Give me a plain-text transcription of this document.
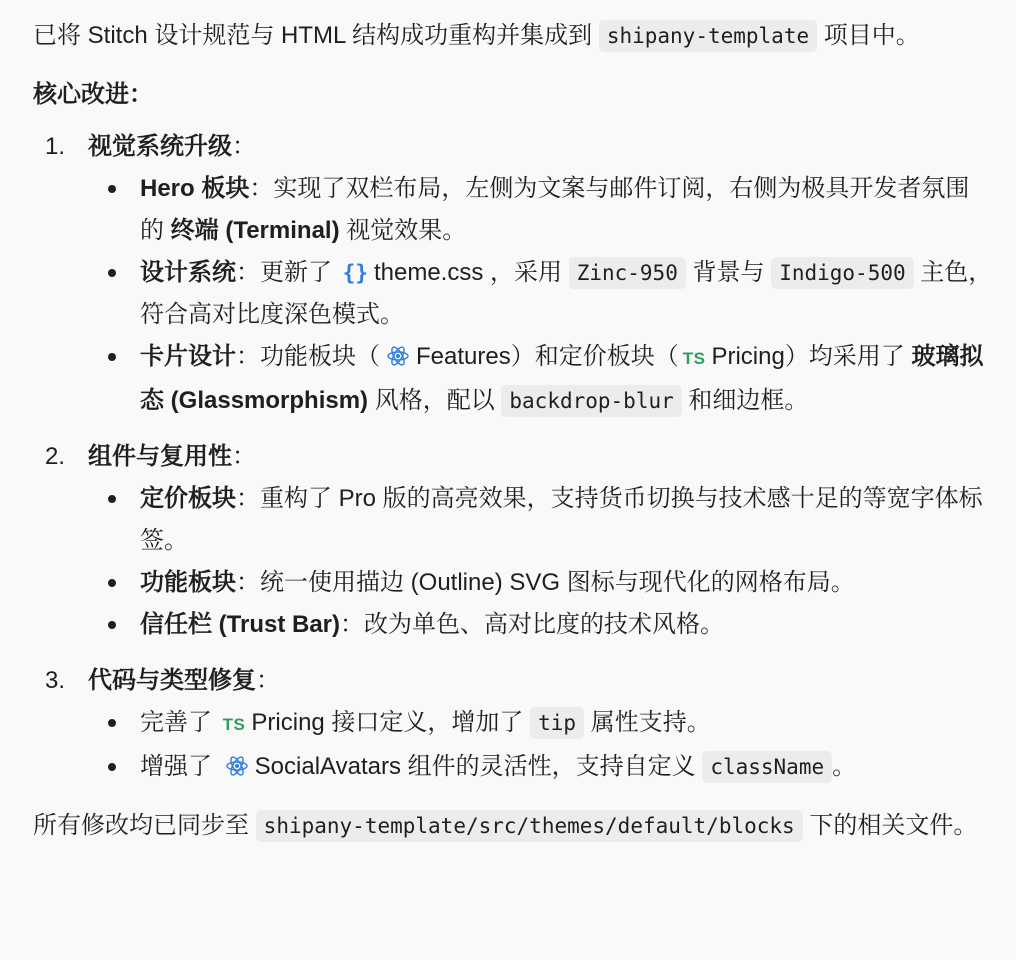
已将 Stitch 设计规范与 HTML 结构成功重构并集成到 shipany-template 项目中。

核心改进：

1. 视觉系统升级：
Hero 板块：实现了双栏布局，左侧为文案与邮件订阅，右侧为极具开发者氛围的 终端 (Terminal) 视觉效果。
设计系统：更新了 {} theme.css ，采用 Zinc-950 背景与 Indigo-500 主色，符合高对比度深色模式。
卡片设计：功能板块（ Features）和定价板块（ TS Pricing）均采用了 玻璃拟态 (Glassmorphism) 风格，配以 backdrop-blur 和细边框。
2. 组件与复用性：
定价板块：重构了 Pro 版的高亮效果，支持货币切换与技术感十足的等宽字体标签。
功能板块：统一使用描边 (Outline) SVG 图标与现代化的网格布局。
信任栏 (Trust Bar)：改为单色、高对比度的技术风格。
3. 代码与类型修复：
完善了 TS Pricing 接口定义，增加了 tip 属性支持。
增强了 SocialAvatars 组件的灵活性，支持自定义 className 。

所有修改均已同步至 shipany-template/src/themes/default/blocks 下的相关文件。
